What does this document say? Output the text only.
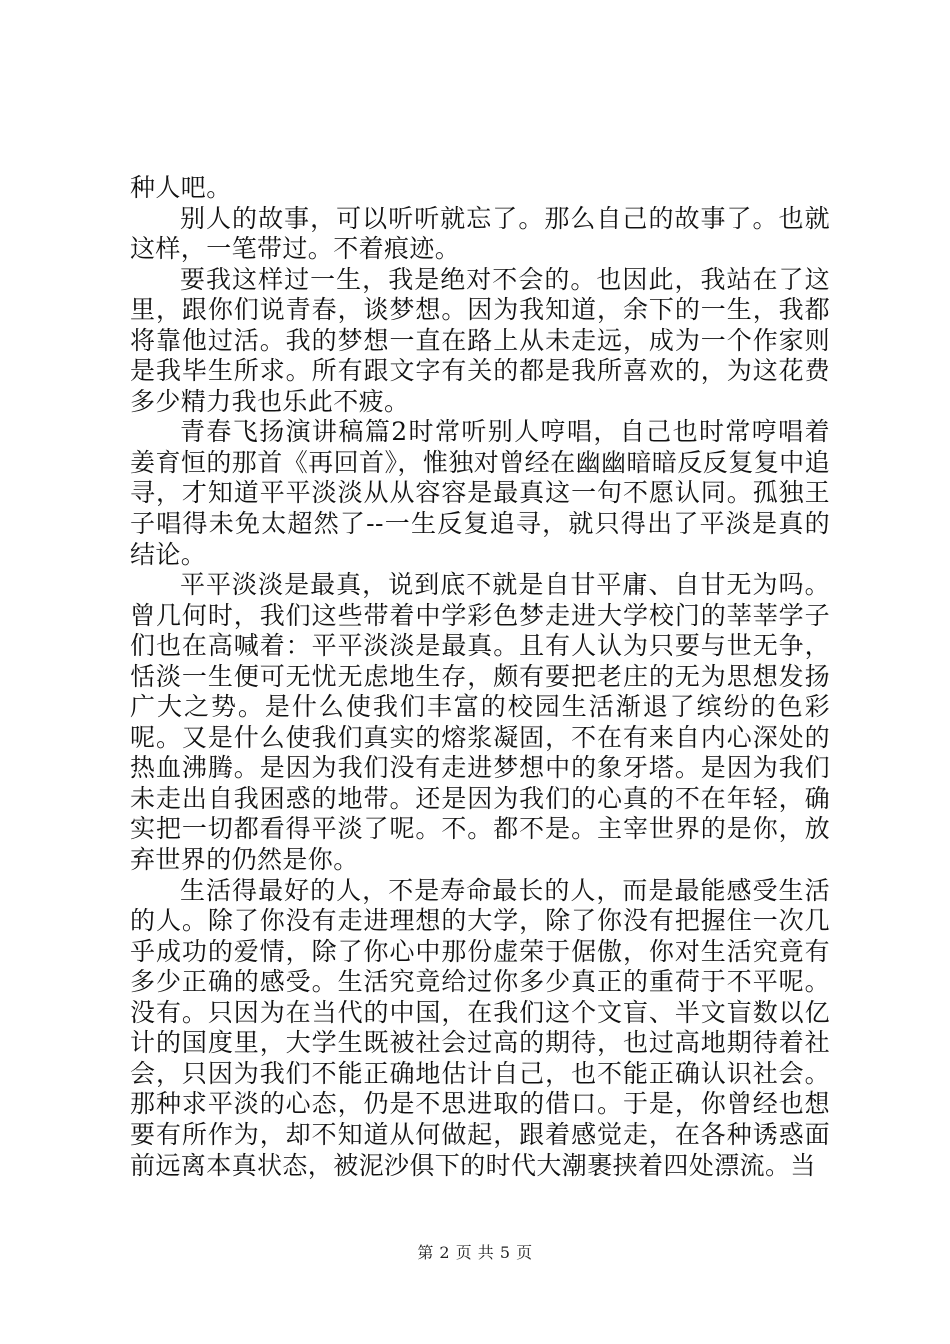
种人吧。

别人的故事，可以听听就忘了。那么自己的故事了。也就这样，一笔带过。不着痕迹。

要我这样过一生，我是绝对不会的。也因此，我站在了这里，跟你们说青春，谈梦想。因为我知道，余下的一生，我都将靠他过活。我的梦想一直在路上从未走远，成为一个作家则是我毕生所求。所有跟文字有关的都是我所喜欢的，为这花费多少精力我也乐此不疲。

青春飞扬演讲稿篇2时常听别人哼唱，自己也时常哼唱着姜育恒的那首《再回首》，惟独对曾经在幽幽暗暗反反复复中追寻，才知道平平淡淡从从容容是最真这一句不愿认同。孤独王子唱得未免太超然了--一生反复追寻，就只得出了平淡是真的结论。

平平淡淡是最真，说到底不就是自甘平庸、自甘无为吗。曾几何时，我们这些带着中学彩色梦走进大学校门的莘莘学子们也在高喊着：平平淡淡是最真。且有人认为只要与世无争，恬淡一生便可无忧无虑地生存，颇有要把老庄的无为思想发扬广大之势。是什么使我们丰富的校园生活渐退了缤纷的色彩呢。又是什么使我们真实的熔浆凝固，不在有来自内心深处的热血沸腾。是因为我们没有走进梦想中的象牙塔。是因为我们未走出自我困惑的地带。还是因为我们的心真的不在年轻，确实把一切都看得平淡了呢。不。都不是。主宰世界的是你，放弃世界的仍然是你。

生活得最好的人，不是寿命最长的人，而是最能感受生活的人。除了你没有走进理想的大学，除了你没有把握住一次几乎成功的爱情，除了你心中那份虚荣于倨傲，你对生活究竟有多少正确的感受。生活究竟给过你多少真正的重荷于不平呢。没有。只因为在当代的中国，在我们这个文盲、半文盲数以亿计的国度里，大学生既被社会过高的期待，也过高地期待着社会，只因为我们不能正确地估计自己，也不能正确认识社会。那种求平淡的心态，仍是不思进取的借口。于是，你曾经也想要有所作为，却不知道从何做起，跟着感觉走，在各种诱惑面前远离本真状态，被泥沙俱下的时代大潮裹挟着四处漂流。当

第 2 页 共 5 页
